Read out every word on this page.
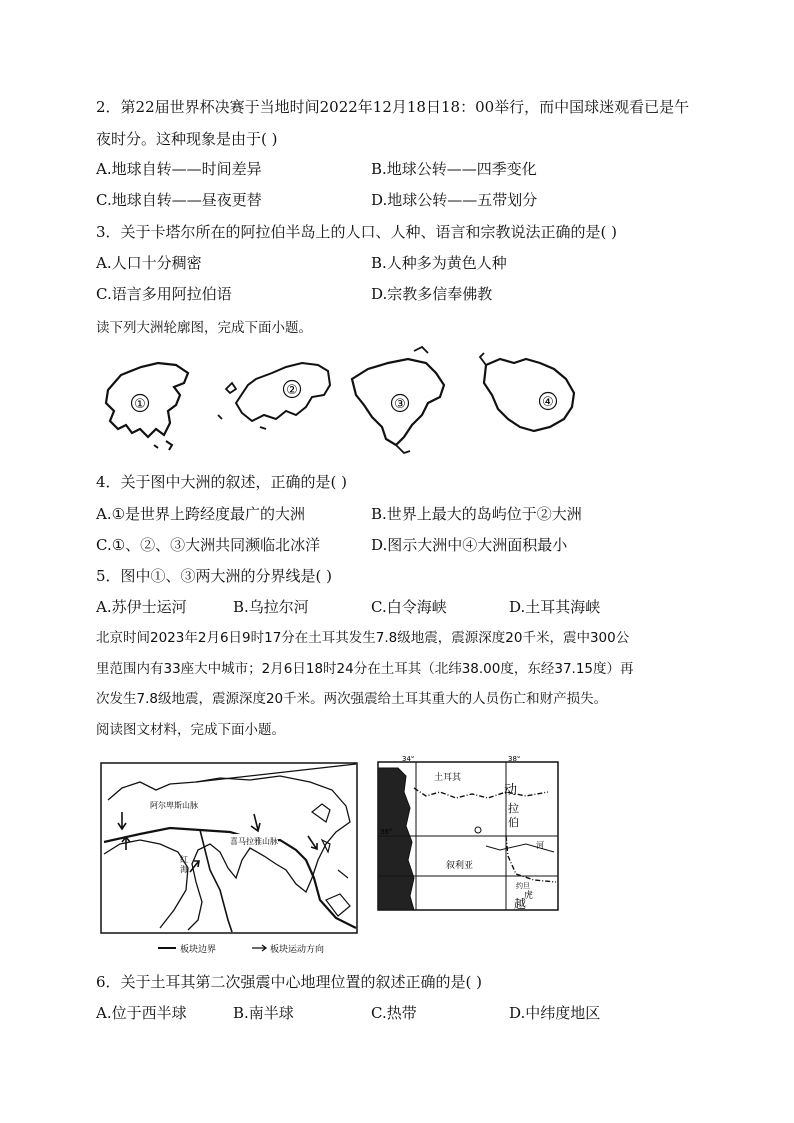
2．第22届世界杯决赛于当地时间2022年12月18日18：00举行，而中国球迷观看已是午
夜时分。这种现象是由于( )
A.地球自转——时间差异	B.地球公转——四季变化
C.地球自转——昼夜更替	D.地球公转——五带划分
3．关于卡塔尔所在的阿拉伯半岛上的人口、人种、语言和宗教说法正确的是( )
A.人口十分稠密	B.人种多为黄色人种
C.语言多用阿拉伯语	D.宗教多信奉佛教
读下列大洲轮廓图，完成下面小题。
①
②
③	④
4．关于图中大洲的叙述，正确的是( )
A.①是世界上跨经度最广的大洲	B.世界上最大的岛屿位于②大洲
C.①、②、③大洲共同濒临北冰洋	D.图示大洲中④大洲面积最小
5．图中①、③两大洲的分界线是( )
A.苏伊士运河	B.乌拉尔河	C.白令海峡	D.土耳其海峡
北京时间2023年2月6日9时17分在土耳其发生7.8级地震，震源深度20千米，震中300公
里范围内有33座大中城市；2月6日18时24分在土耳其（北纬38.00度，东经37.15度）再
次发生7.8级地震，震源深度20千米。两次强震给土耳其重大的人员伤亡和财产损失。
阅读图文材料，完成下面小题。
阿尔卑斯山脉
喜马拉雅山脉
红
海
板块边界	板块运动方向
34°	38°
36°
土耳其
动
拉
伯
河
约旦
叙利亚
越
虎
6．关于土耳其第二次强震中心地理位置的叙述正确的是( )
A.位于西半球	B.南半球	C.热带	D.中纬度地区
